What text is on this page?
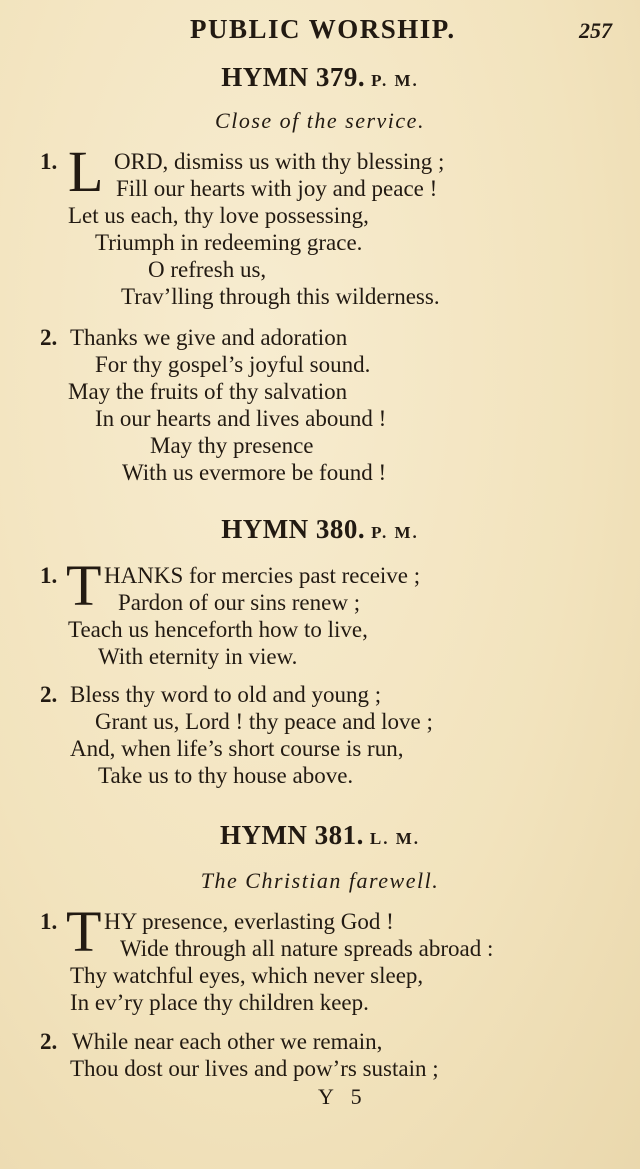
PUBLIC WORSHIP.	257
HYMN 379. P. M.
Close of the service.
1. L ORD, dismiss us with thy blessing ;
Fill our hearts with joy and peace !
Let us each, thy love possessing,
Triumph in redeeming grace.
O refresh us,
Trav’lling through this wilderness.
2. Thanks we give and adoration
For thy gospel’s joyful sound.
May the fruits of thy salvation
In our hearts and lives abound !
May thy presence
With us evermore be found !
HYMN 380. P. M.
1. T HANKS for mercies past receive ;
Pardon of our sins renew ;
Teach us henceforth how to live,
With eternity in view.
2. Bless thy word to old and young ;
Grant us, Lord ! thy peace and love ;
And, when life’s short course is run,
Take us to thy house above.
HYMN 381. L. M.
The Christian farewell.
1. T HY presence, everlasting God !
Wide through all nature spreads abroad :
Thy watchful eyes, which never sleep,
In ev’ry place thy children keep.
2. While near each other we remain,
Thou dost our lives and pow’rs sustain ;
Y 5
